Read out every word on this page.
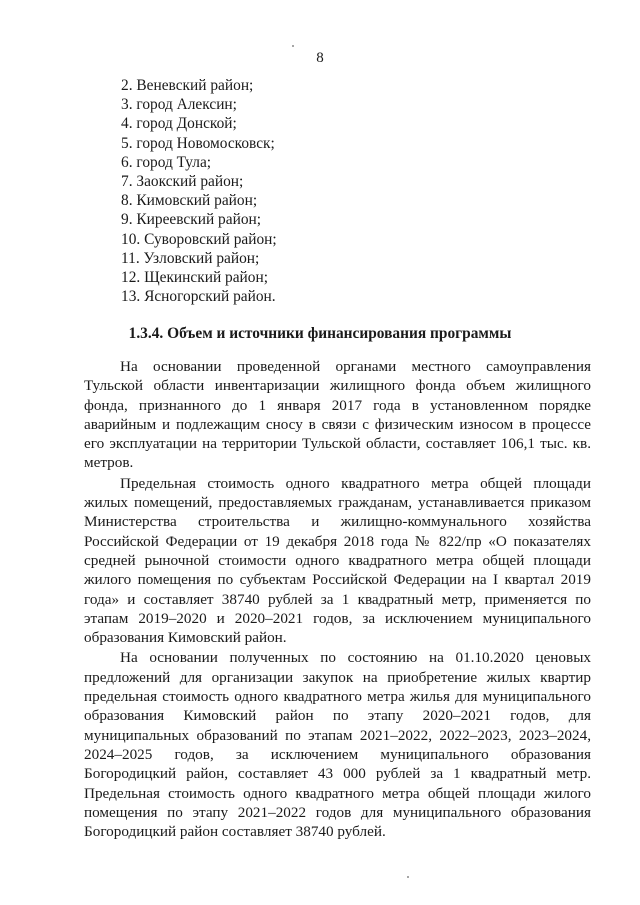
8
2. Веневский район;
3. город Алексин;
4. город Донской;
5. город Новомосковск;
6. город Тула;
7. Заокский район;
8. Кимовский район;
9. Киреевский район;
10. Суворовский район;
11. Узловский район;
12. Щекинский район;
13. Ясногорский район.
1.3.4. Объем и источники финансирования программы

На основании проведенной органами местного самоуправления Тульской области инвентаризации жилищного фонда объем жилищного фонда, признанного до 1 января 2017 года в установленном порядке аварийным и подлежащим сносу в связи с физическим износом в процессе его эксплуатации на территории Тульской области, составляет 106,1 тыс. кв. метров.

Предельная стоимость одного квадратного метра общей площади жилых помещений, предоставляемых гражданам, устанавливается приказом Министерства строительства и жилищно-коммунального хозяйства Российской Федерации от 19 декабря 2018 года № 822/пр «О показателях средней рыночной стоимости одного квадратного метра общей площади жилого помещения по субъектам Российской Федерации на I квартал 2019 года» и составляет 38740 рублей за 1 квадратный метр, применяется по этапам 2019–2020 и 2020–2021 годов, за исключением муниципального образования Кимовский район.

На основании полученных по состоянию на 01.10.2020 ценовых предложений для организации закупок на приобретение жилых квартир предельная стоимость одного квадратного метра жилья для муниципального образования Кимовский район по этапу 2020–2021 годов, для муниципальных образований по этапам 2021–2022, 2022–2023, 2023–2024, 2024–2025 годов, за исключением муниципального образования Богородицкий район, составляет 43 000 рублей за 1 квадратный метр. Предельная стоимость одного квадратного метра общей площади жилого помещения по этапу 2021–2022 годов для муниципального образования Богородицкий район составляет 38740 рублей.
